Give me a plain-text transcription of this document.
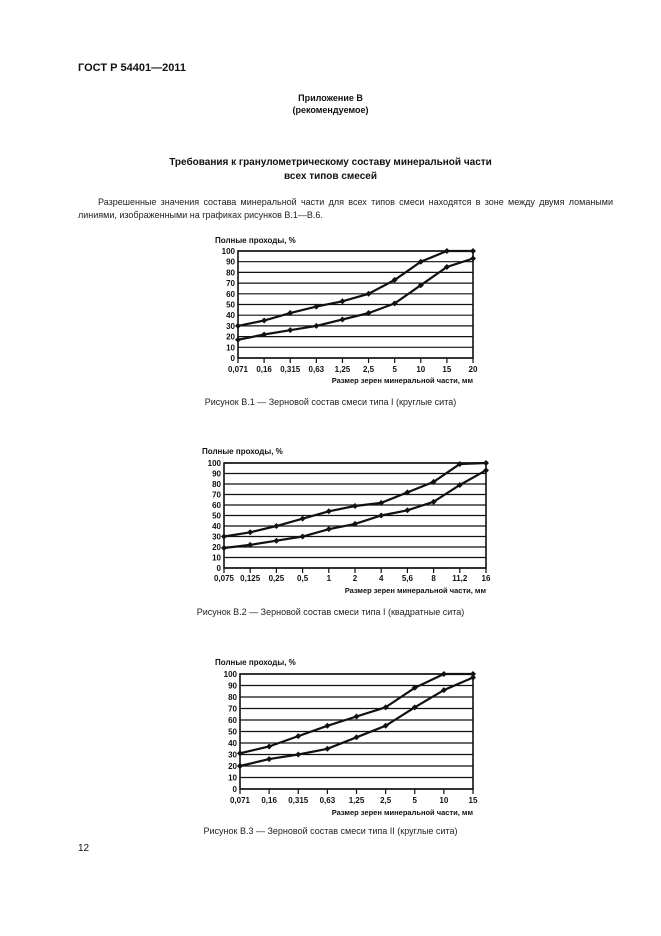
ГОСТ Р 54401—2011
Приложение В
(рекомендуемое)
Требования к гранулометрическому составу минеральной части
всех типов смесей
Разрешенные значения состава минеральной части для всех типов смеси находятся в зоне между двумя ломаными линиями, изображенными на графиках рисунков В.1—В.6.
0
10
20
30
40
50
60
70
80
90
100
0,071 0,16 0,315 0,63 1,25 2,5 5 10 15 20
Полные проходы, %
Размер зерен минеральной части, мм
Рисунок В.1 — Зерновой состав смеси типа I (круглые сита)
0
10
20
30
40
50
60
70
80
90
100
0,075 0,125 0,25 0,5 1	2	4 5,6 8 11,2 16
Полные проходы, %
Размер зерен минеральной части, мм
Рисунок В.2 — Зерновой состав смеси типа I (квадратные сита)
0
10
20
30
40
50
60
70
80
90
100
0,071 0,16 0,315 0,63 1,25 2,5	5	10	15
Полные проходы, %
Размер зерен минеральной части, мм
Рисунок В.3 — Зерновой состав смеси типа II (круглые сита)
12
